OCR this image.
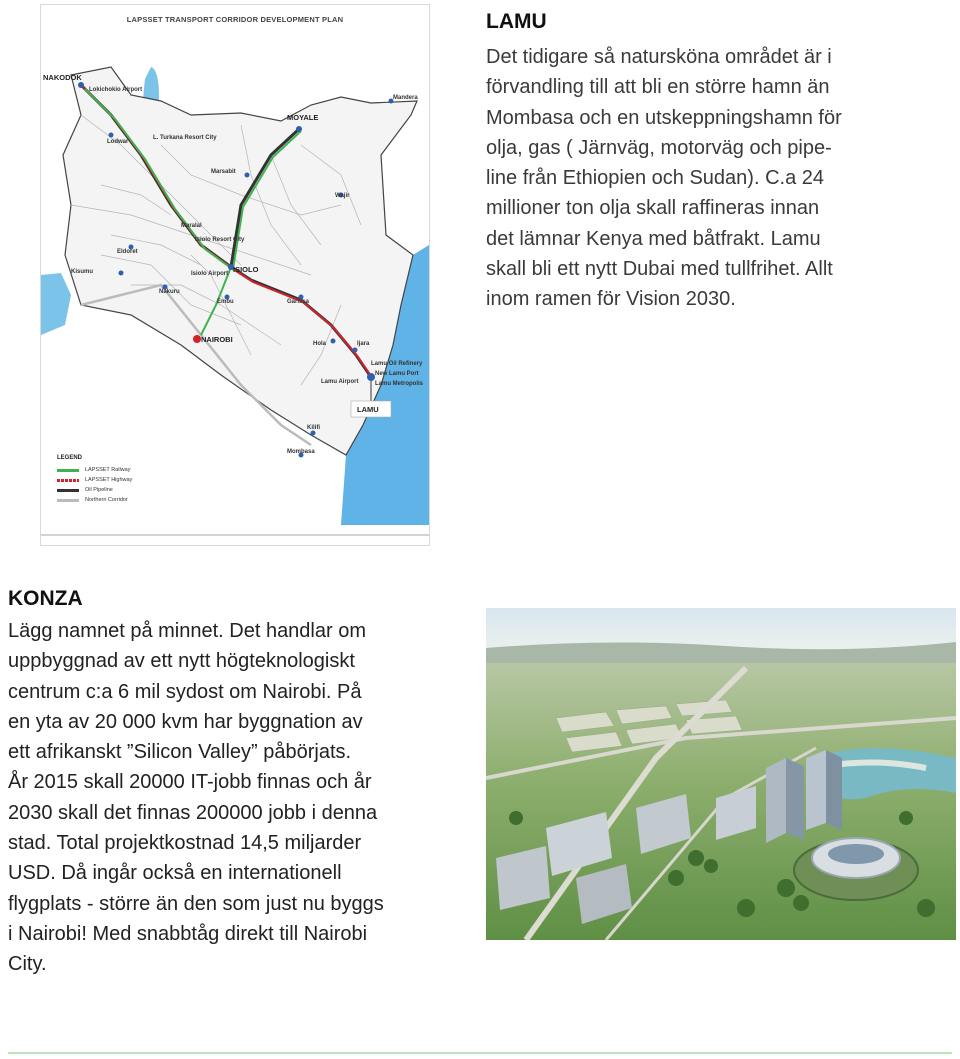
LAPSSET TRANSPORT CORRIDOR DEVELOPMENT PLAN
NAKODOK
Lokichokio Airport
Lodwar
L. Turkana Resort City
MOYALE
Mandera
Marsabit
Wajir
Maralal
Isiolo Resort City
Isiolo Airport ISIOLO
Eldoret
Kisumu
Nakuru
Embu	Garissa
NAIROBI	Hola	Ijara
Lamu Oil Refinery
New Lamu Port
Lamu Metropolis
Lamu Airport
LAMU
Kilifi
Mombasa
LEGEND
LAPSSET Railway
LAPSSET Highway
Oil Pipeline
Northern Corridor
LAMU
Det tidigare så natursköna området är i
förvandling till att bli en större hamn än
Mombasa och en utskeppningshamn för
olja, gas ( Järnväg, motorväg och pipe-
line från Ethiopien och Sudan). C.a 24
millioner ton olja skall raffineras innan
det lämnar Kenya med båtfrakt. Lamu
skall bli ett nytt Dubai med tullfrihet. Allt
inom ramen för Vision 2030.
KONZA
Lägg namnet på minnet. Det handlar om
uppbyggnad av ett nytt högteknologiskt
centrum c:a 6 mil sydost om Nairobi. På
en yta av 20 000 kvm har byggnation av
ett afrikanskt ”Silicon Valley” påbörjats.
År 2015 skall 20000 IT-jobb finnas och år
2030 skall det finnas 200000 jobb i denna
stad. Total projektkostnad 14,5 miljarder
USD. Då ingår också en internationell
flygplats - större än den som just nu byggs
i Nairobi! Med snabbtåg direkt till Nairobi
City.
